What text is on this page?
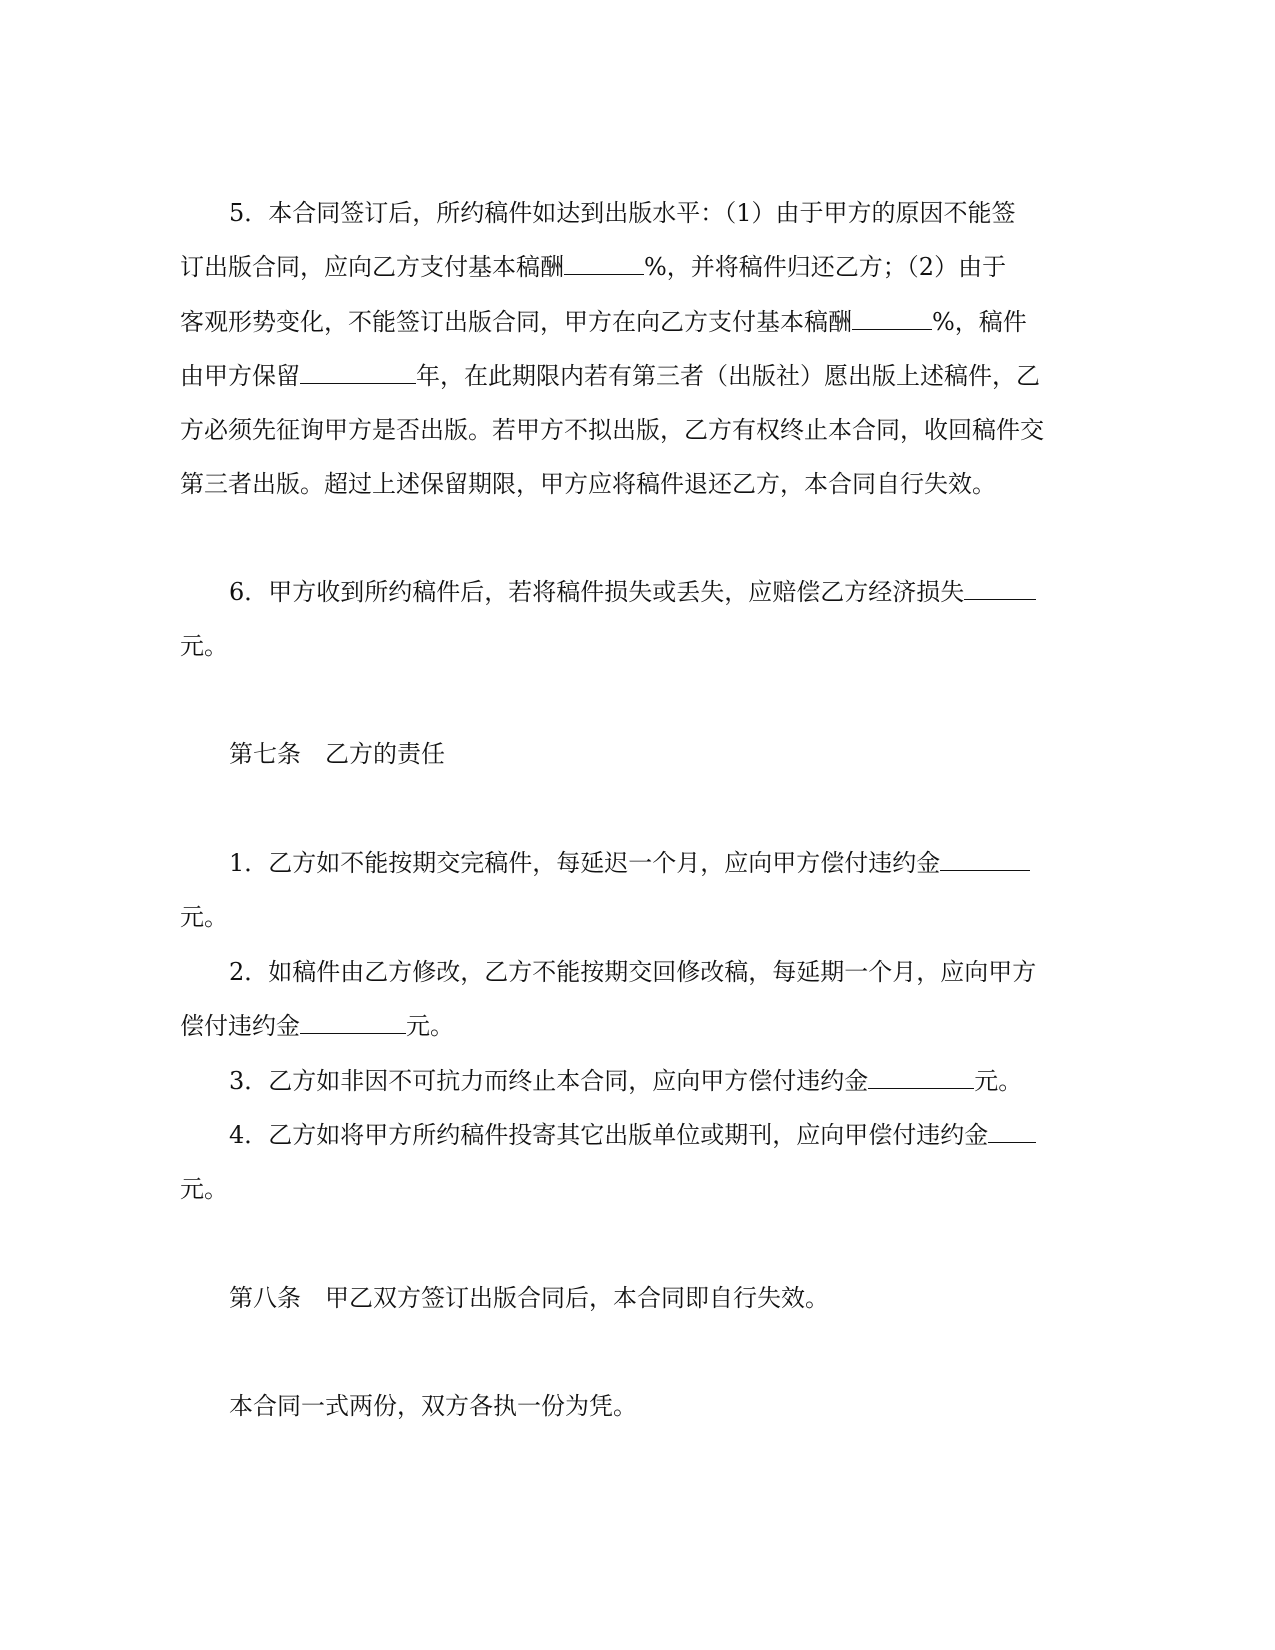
5．本合同签订后，所约稿件如达到出版水平：（1）由于甲方的原因不能签
订出版合同，应向乙方支付基本稿酬	%，并将稿件归还乙方；（2）由于
客观形势变化，不能签订出版合同，甲方在向乙方支付基本稿酬	%，稿件
由甲方保留	年，在此期限内若有第三者（出版社）愿出版上述稿件，乙
方必须先征询甲方是否出版。若甲方不拟出版，乙方有权终止本合同，收回稿件交
第三者出版。超过上述保留期限，甲方应将稿件退还乙方，本合同自行失效。
6．甲方收到所约稿件后，若将稿件损失或丢失，应赔偿乙方经济损失
元。
第七条　乙方的责任
1．乙方如不能按期交完稿件，每延迟一个月，应向甲方偿付违约金
元。
2．如稿件由乙方修改，乙方不能按期交回修改稿，每延期一个月，应向甲方
偿付违约金	元。
3．乙方如非因不可抗力而终止本合同，应向甲方偿付违约金	元。
4．乙方如将甲方所约稿件投寄其它出版单位或期刊，应向甲偿付违约金
元。
第八条　甲乙双方签订出版合同后，本合同即自行失效。
本合同一式两份，双方各执一份为凭。
